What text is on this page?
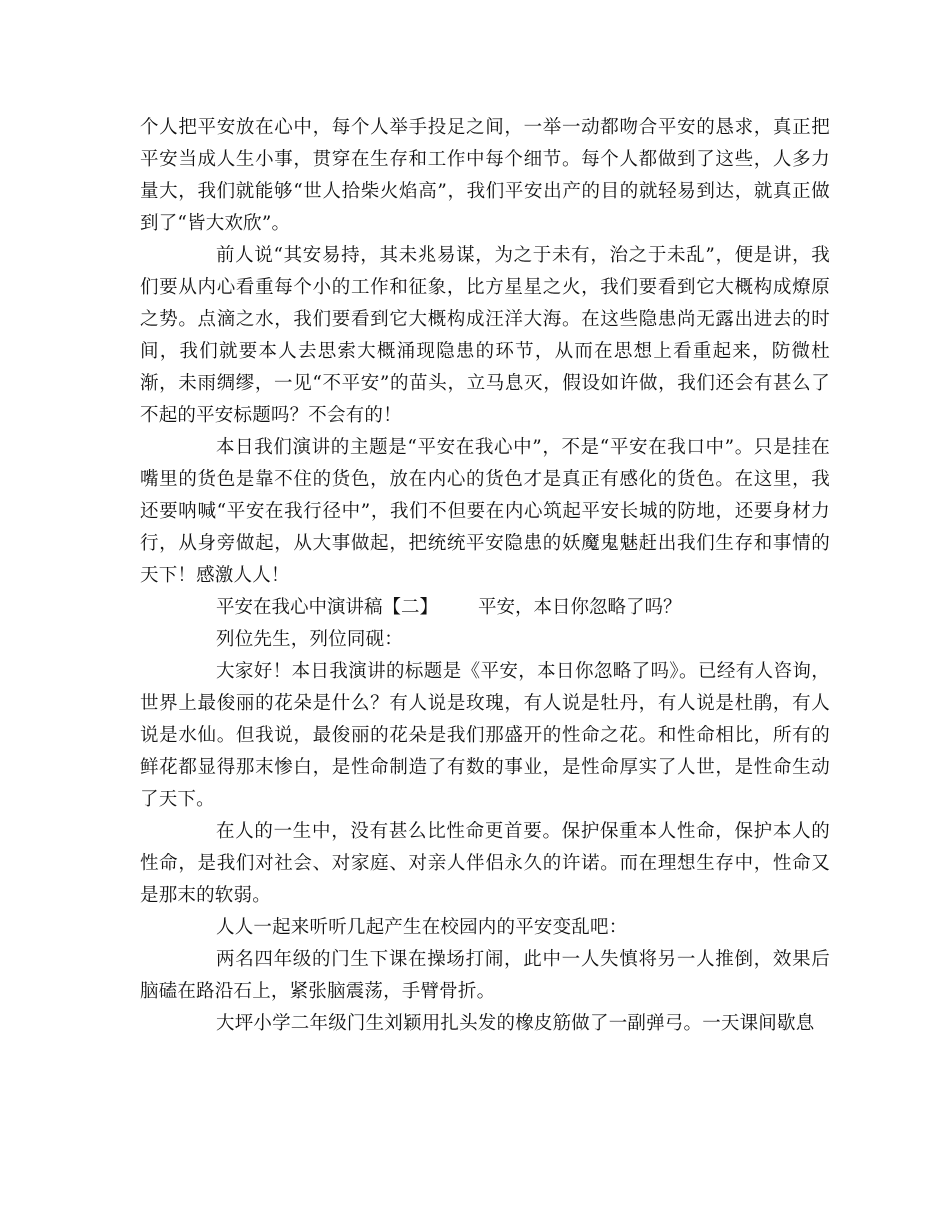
个人把平安放在心中，每个人举手投足之间，一举一动都吻合平安的恳求，真正把平安当成人生小事，贯穿在生存和工作中每个细节。每个人都做到了这些，人多力量大，我们就能够“世人拾柴火焰高”，我们平安出产的目的就轻易到达，就真正做到了“皆大欢欣”。

前人说“其安易持，其未兆易谋，为之于未有，治之于未乱”，便是讲，我们要从内心看重每个小的工作和征象，比方星星之火，我们要看到它大概构成燎原之势。点滴之水，我们要看到它大概构成汪洋大海。在这些隐患尚无露出进去的时间，我们就要本人去思索大概涌现隐患的环节，从而在思想上看重起来，防微杜渐，未雨绸缪，一见“不平安”的苗头，立马息灭，假设如许做，我们还会有甚么了不起的平安标题吗？不会有的！

本日我们演讲的主题是“平安在我心中”，不是“平安在我口中”。只是挂在嘴里的货色是靠不住的货色，放在内心的货色才是真正有感化的货色。在这里，我还要呐喊“平安在我行径中”，我们不但要在内心筑起平安长城的防地，还要身材力行，从身旁做起，从大事做起，把统统平安隐患的妖魔鬼魅赶出我们生存和事情的天下！感激人人！

平安在我心中演讲稿【二】 平安，本日你忽略了吗？

列位先生，列位同砚：

大家好！本日我演讲的标题是《平安，本日你忽略了吗》。已经有人咨询，世界上最俊丽的花朵是什么？有人说是玫瑰，有人说是牡丹，有人说是杜鹃，有人说是水仙。但我说，最俊丽的花朵是我们那盛开的性命之花。和性命相比，所有的鲜花都显得那末惨白，是性命制造了有数的事业，是性命厚实了人世，是性命生动了天下。

在人的一生中，没有甚么比性命更首要。保护保重本人性命，保护本人的性命，是我们对社会、对家庭、对亲人伴侣永久的许诺。而在理想生存中，性命又是那末的软弱。

人人一起来听听几起产生在校园内的平安变乱吧：

两名四年级的门生下课在操场打闹，此中一人失慎将另一人推倒，效果后脑磕在路沿石上，紧张脑震荡，手臂骨折。

大坪小学二年级门生刘颖用扎头发的橡皮筋做了一副弹弓。一天课间歇息
